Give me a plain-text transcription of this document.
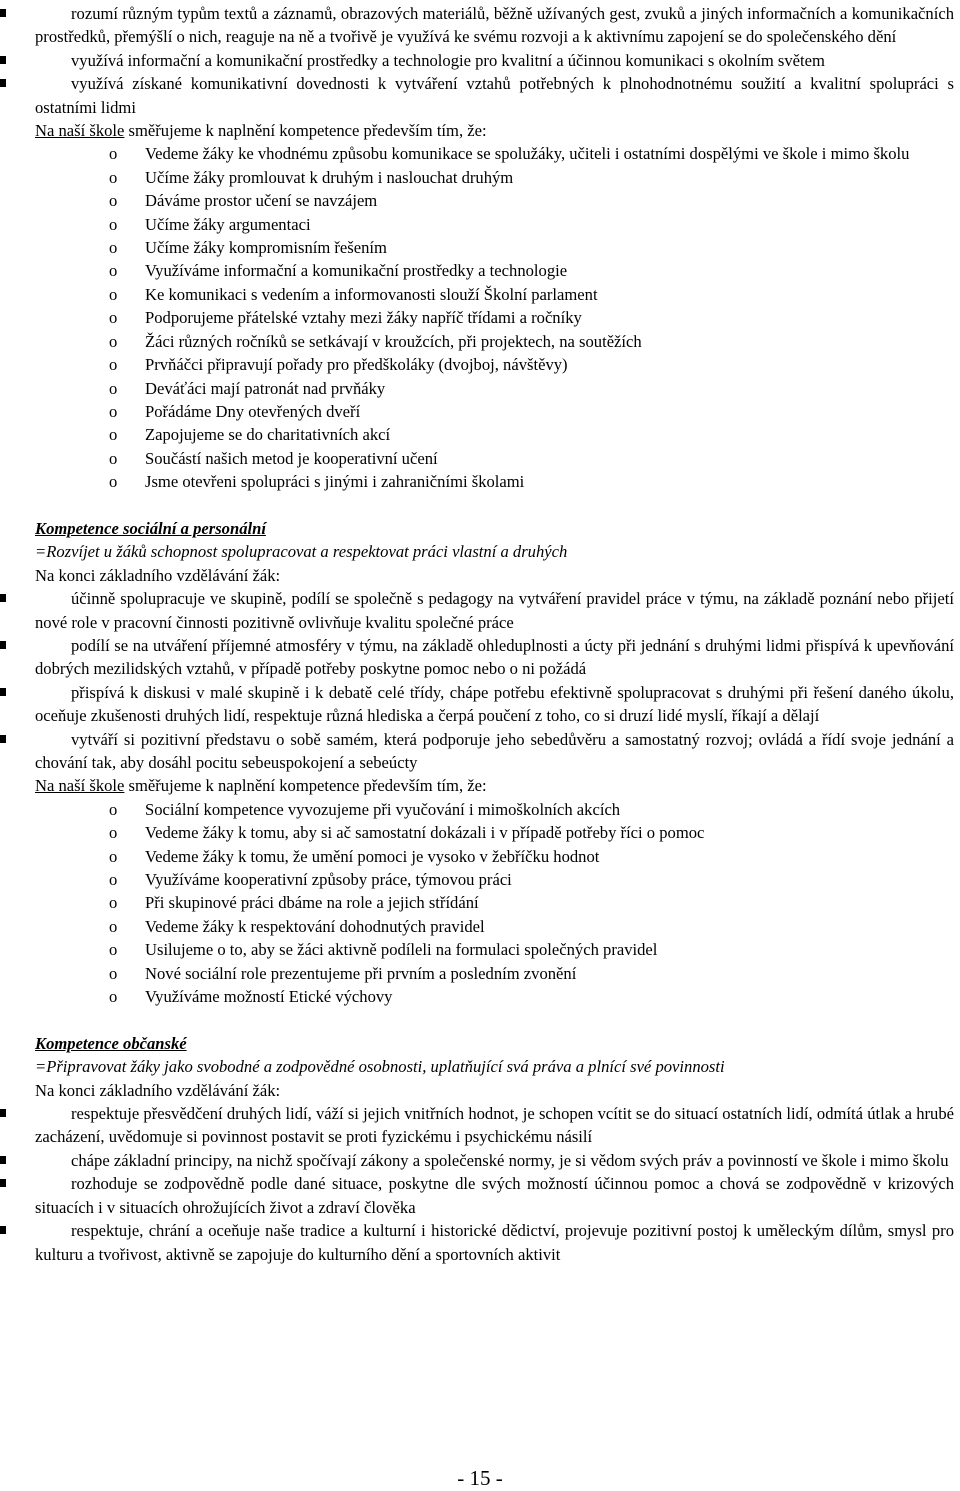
rozumí různým typům textů a záznamů, obrazových materiálů, běžně užívaných gest, zvuků a jiných informačních a komunikačních prostředků, přemýšlí o nich, reaguje na ně a tvořivě je využívá ke svému rozvoji a k aktivnímu zapojení se do společenského dění
využívá informační a komunikační prostředky a technologie pro kvalitní a účinnou komunikaci s okolním světem
využívá získané komunikativní dovednosti k vytváření vztahů potřebných k plnohodnotnému soužití a kvalitní spolupráci s ostatními lidmi
Na naší škole směřujeme k naplnění kompetence především tím, že:
o Vedeme žáky ke vhodnému způsobu komunikace se spolužáky, učiteli i ostatními dospělými ve škole i mimo školu
o Učíme žáky promlouvat k druhým i naslouchat druhým
o Dáváme prostor učení se navzájem
o Učíme žáky argumentaci
o Učíme žáky kompromisním řešením
o Využíváme informační a komunikační prostředky a technologie
o Ke komunikaci s vedením a informovanosti slouží Školní parlament
o Podporujeme přátelské vztahy mezi žáky napříč třídami a ročníky
o Žáci různých ročníků se setkávají v kroužcích, při projektech, na soutěžích
o Prvňáčci připravují pořady pro předškoláky (dvojboj, návštěvy)
o Deváťáci mají patronát nad prvňáky
o Pořádáme Dny otevřených dveří
o Zapojujeme se do charitativních akcí
o Součástí našich metod je kooperativní učení
o Jsme otevřeni spolupráci s jinými i zahraničními školami
Kompetence sociální a personální
=Rozvíjet u žáků schopnost spolupracovat a respektovat práci vlastní a druhých
Na konci základního vzdělávání žák:
účinně spolupracuje ve skupině, podílí se společně s pedagogy na vytváření pravidel práce v týmu, na základě poznání nebo přijetí nové role v pracovní činnosti pozitivně ovlivňuje kvalitu společné práce
podílí se na utváření příjemné atmosféry v týmu, na základě ohleduplnosti a úcty při jednání s druhými lidmi přispívá k upevňování dobrých mezilidských vztahů, v případě potřeby poskytne pomoc nebo o ni požádá
přispívá k diskusi v malé skupině i k debatě celé třídy, chápe potřebu efektivně spolupracovat s druhými při řešení daného úkolu, oceňuje zkušenosti druhých lidí, respektuje různá hlediska a čerpá poučení z toho, co si druzí lidé myslí, říkají a dělají
vytváří si pozitivní představu o sobě samém, která podporuje jeho sebedůvěru a samostatný rozvoj; ovládá a řídí svoje jednání a chování tak, aby dosáhl pocitu sebeuspokojení a sebeúcty
Na naší škole směřujeme k naplnění kompetence především tím, že:
o Sociální kompetence vyvozujeme při vyučování i mimoškolních akcích
o Vedeme žáky k tomu, aby si ač samostatní dokázali i v případě potřeby říci o pomoc
o Vedeme žáky k tomu, že umění pomoci je vysoko v žebříčku hodnot
o Využíváme kooperativní způsoby práce, týmovou práci
o Při skupinové práci dbáme na role a jejich střídání
o Vedeme žáky k respektování dohodnutých pravidel
o Usilujeme o to, aby se žáci aktivně podíleli na formulaci společných pravidel
o Nové sociální role prezentujeme při prvním a posledním zvonění
o Využíváme možností Etické výchovy
Kompetence občanské
=Připravovat žáky jako svobodné a zodpovědné osobnosti, uplatňující svá práva a plnící své povinnosti
Na konci základního vzdělávání žák:
respektuje přesvědčení druhých lidí, váží si jejich vnitřních hodnot, je schopen vcítit se do situací ostatních lidí, odmítá útlak a hrubé zacházení, uvědomuje si povinnost postavit se proti fyzickému i psychickému násilí
chápe základní principy, na nichž spočívají zákony a společenské normy, je si vědom svých práv a povinností ve škole i mimo školu
rozhoduje se zodpovědně podle dané situace, poskytne dle svých možností účinnou pomoc a chová se zodpovědně v krizových situacích i v situacích ohrožujících život a zdraví člověka
respektuje, chrání a oceňuje naše tradice a kulturní i historické dědictví, projevuje pozitivní postoj k uměleckým dílům, smysl pro kulturu a tvořivost, aktivně se zapojuje do kulturního dění a sportovních aktivit
- 15 -
